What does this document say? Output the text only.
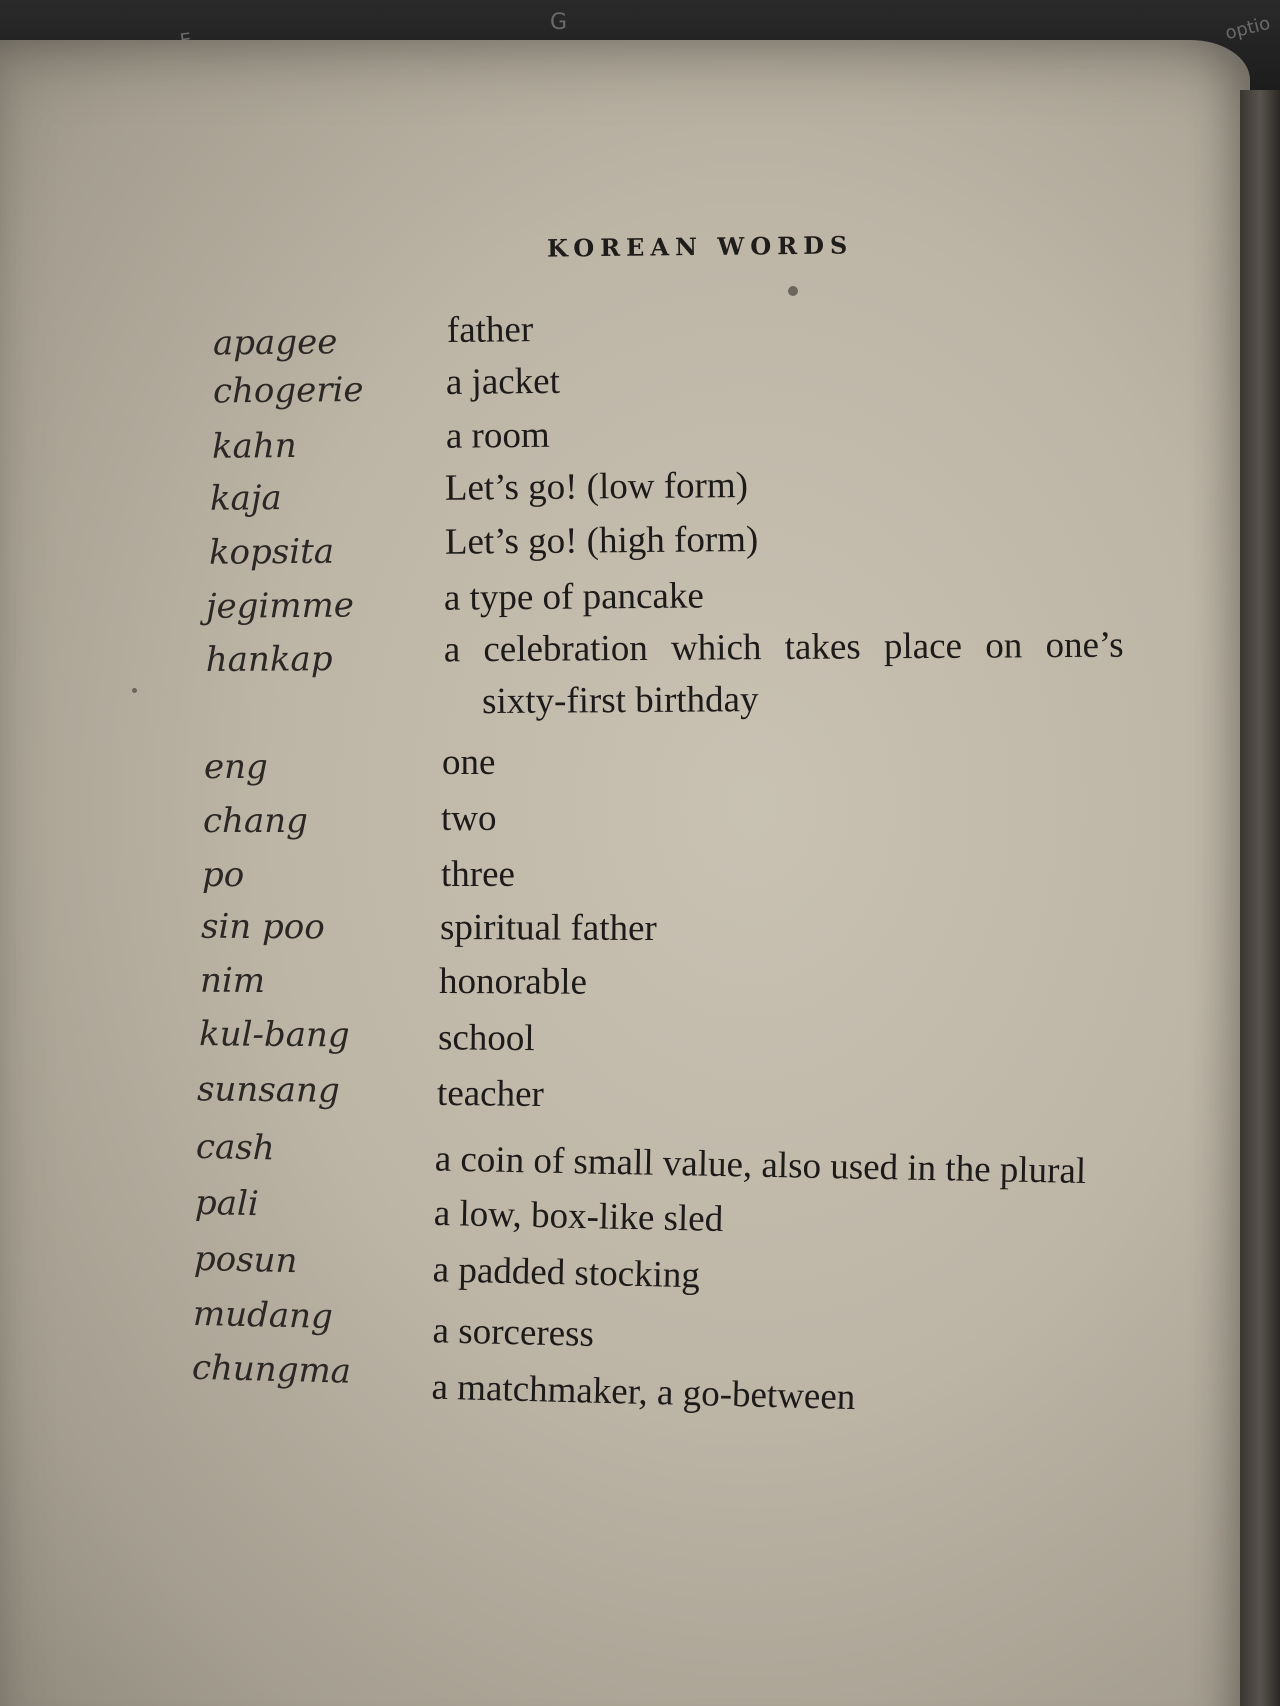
G	optio
KOREAN WORDS
apagee	father
chogerie a jacket
kahn	a room
kaja	Let’s go! (low form)
kopsita	Let’s go! (high form)
jegimme a type of pancake
hankap	a celebration which takes place on one’s
sixty-first birthday
eng	one
chang	two
po	three
sin poo	spiritual father
nim	honorable
kul-bang school
sunsang	teacher
cash	a coin of small value, also used in the plural
pali	a low, box-like sled
posun	a padded stocking
mudang	a sorceress
chungma a matchmaker, a go-between
